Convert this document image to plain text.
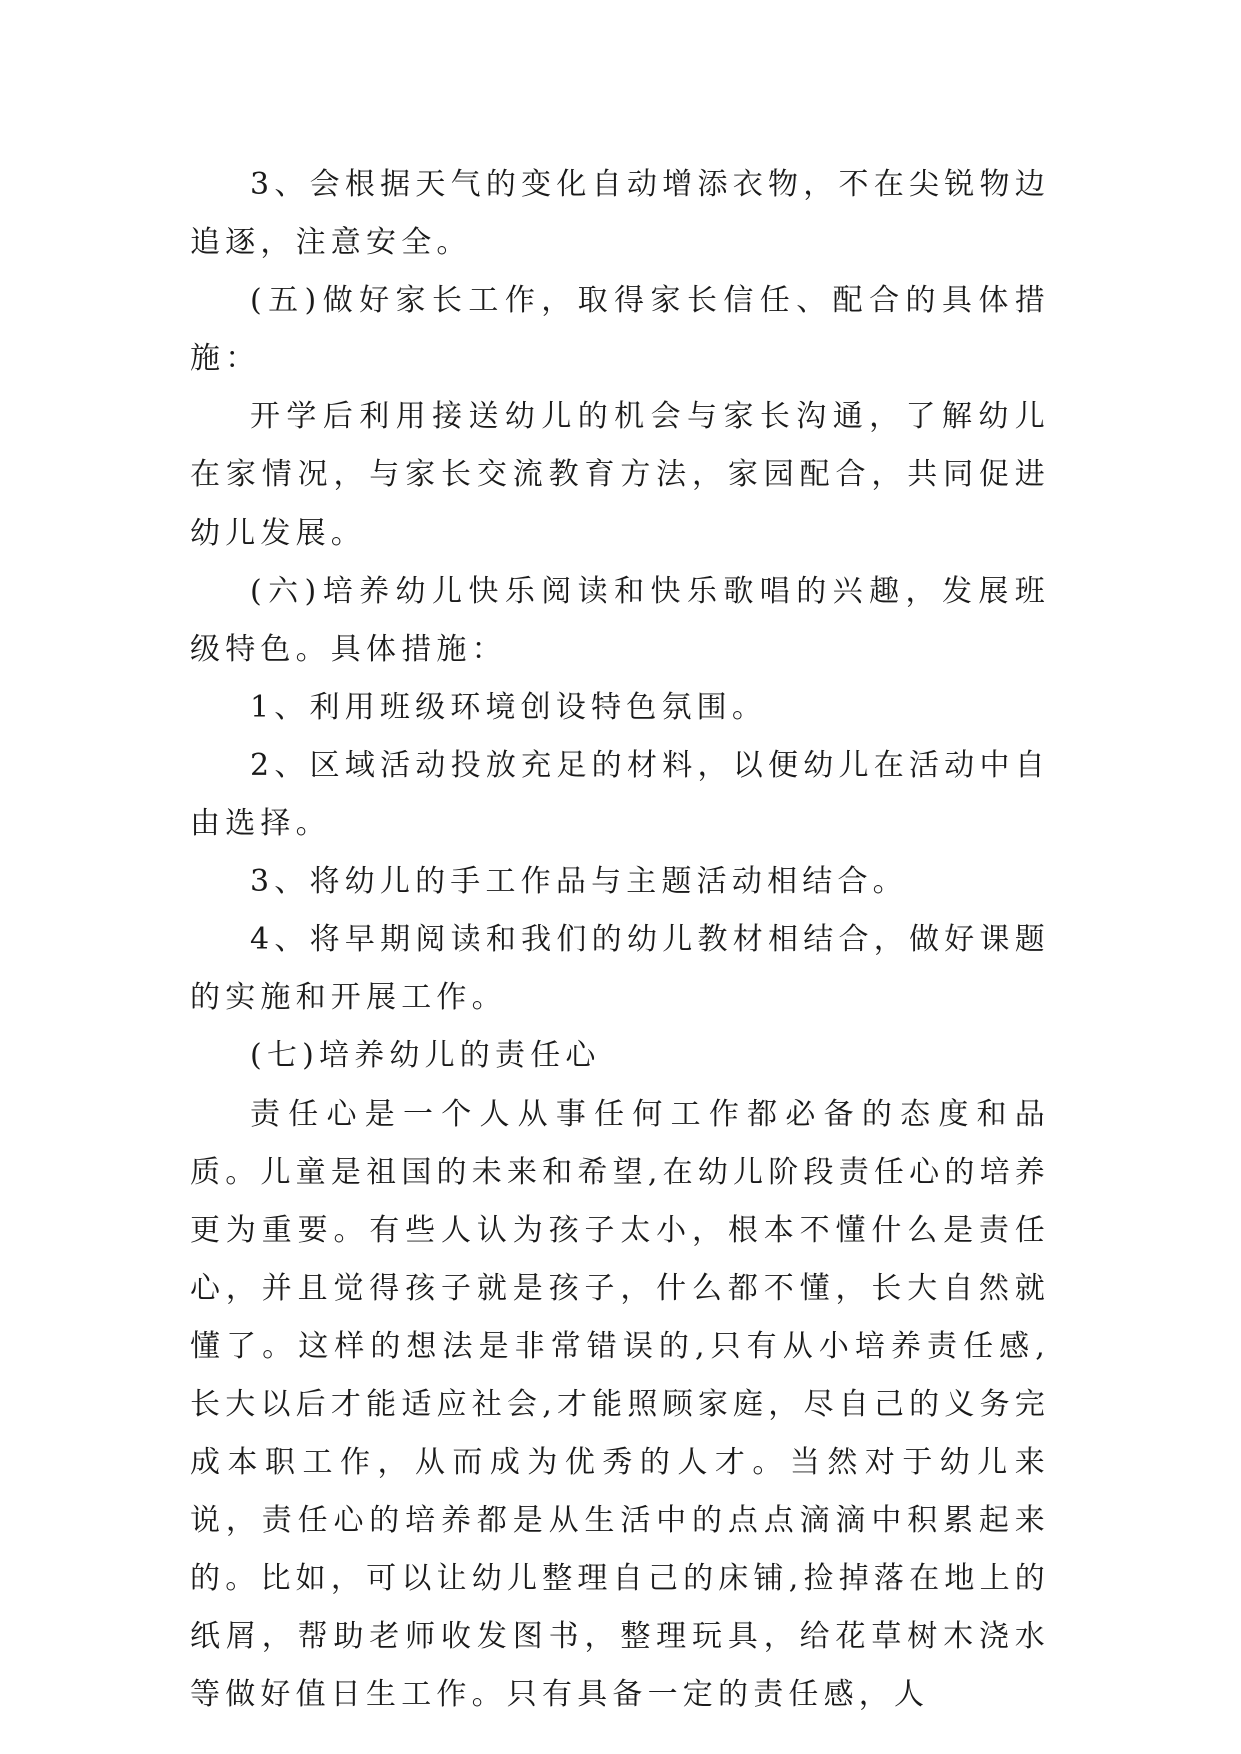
3、会根据天气的变化自动增添衣物，不在尖锐物边追逐，注意安全。

(五)做好家长工作，取得家长信任、配合的具体措施：

开学后利用接送幼儿的机会与家长沟通，了解幼儿在家情况，与家长交流教育方法，家园配合，共同促进幼儿发展。

(六)培养幼儿快乐阅读和快乐歌唱的兴趣，发展班级特色。具体措施：

1、利用班级环境创设特色氛围。

2、区域活动投放充足的材料，以便幼儿在活动中自由选择。

3、将幼儿的手工作品与主题活动相结合。

4、将早期阅读和我们的幼儿教材相结合，做好课题的实施和开展工作。

(七)培养幼儿的责任心

责任心是一个人从事任何工作都必备的态度和品质。儿童是祖国的未来和希望,在幼儿阶段责任心的培养更为重要。有些人认为孩子太小，根本不懂什么是责任心，并且觉得孩子就是孩子，什么都不懂，长大自然就懂了。这样的想法是非常错误的,只有从小培养责任感,长大以后才能适应社会,才能照顾家庭，尽自己的义务完成本职工作，从而成为优秀的人才。当然对于幼儿来说，责任心的培养都是从生活中的点点滴滴中积累起来的。比如，可以让幼儿整理自己的床铺,捡掉落在地上的纸屑，帮助老师收发图书，整理玩具，给花草树木浇水等做好值日生工作。只有具备一定的责任感，人
